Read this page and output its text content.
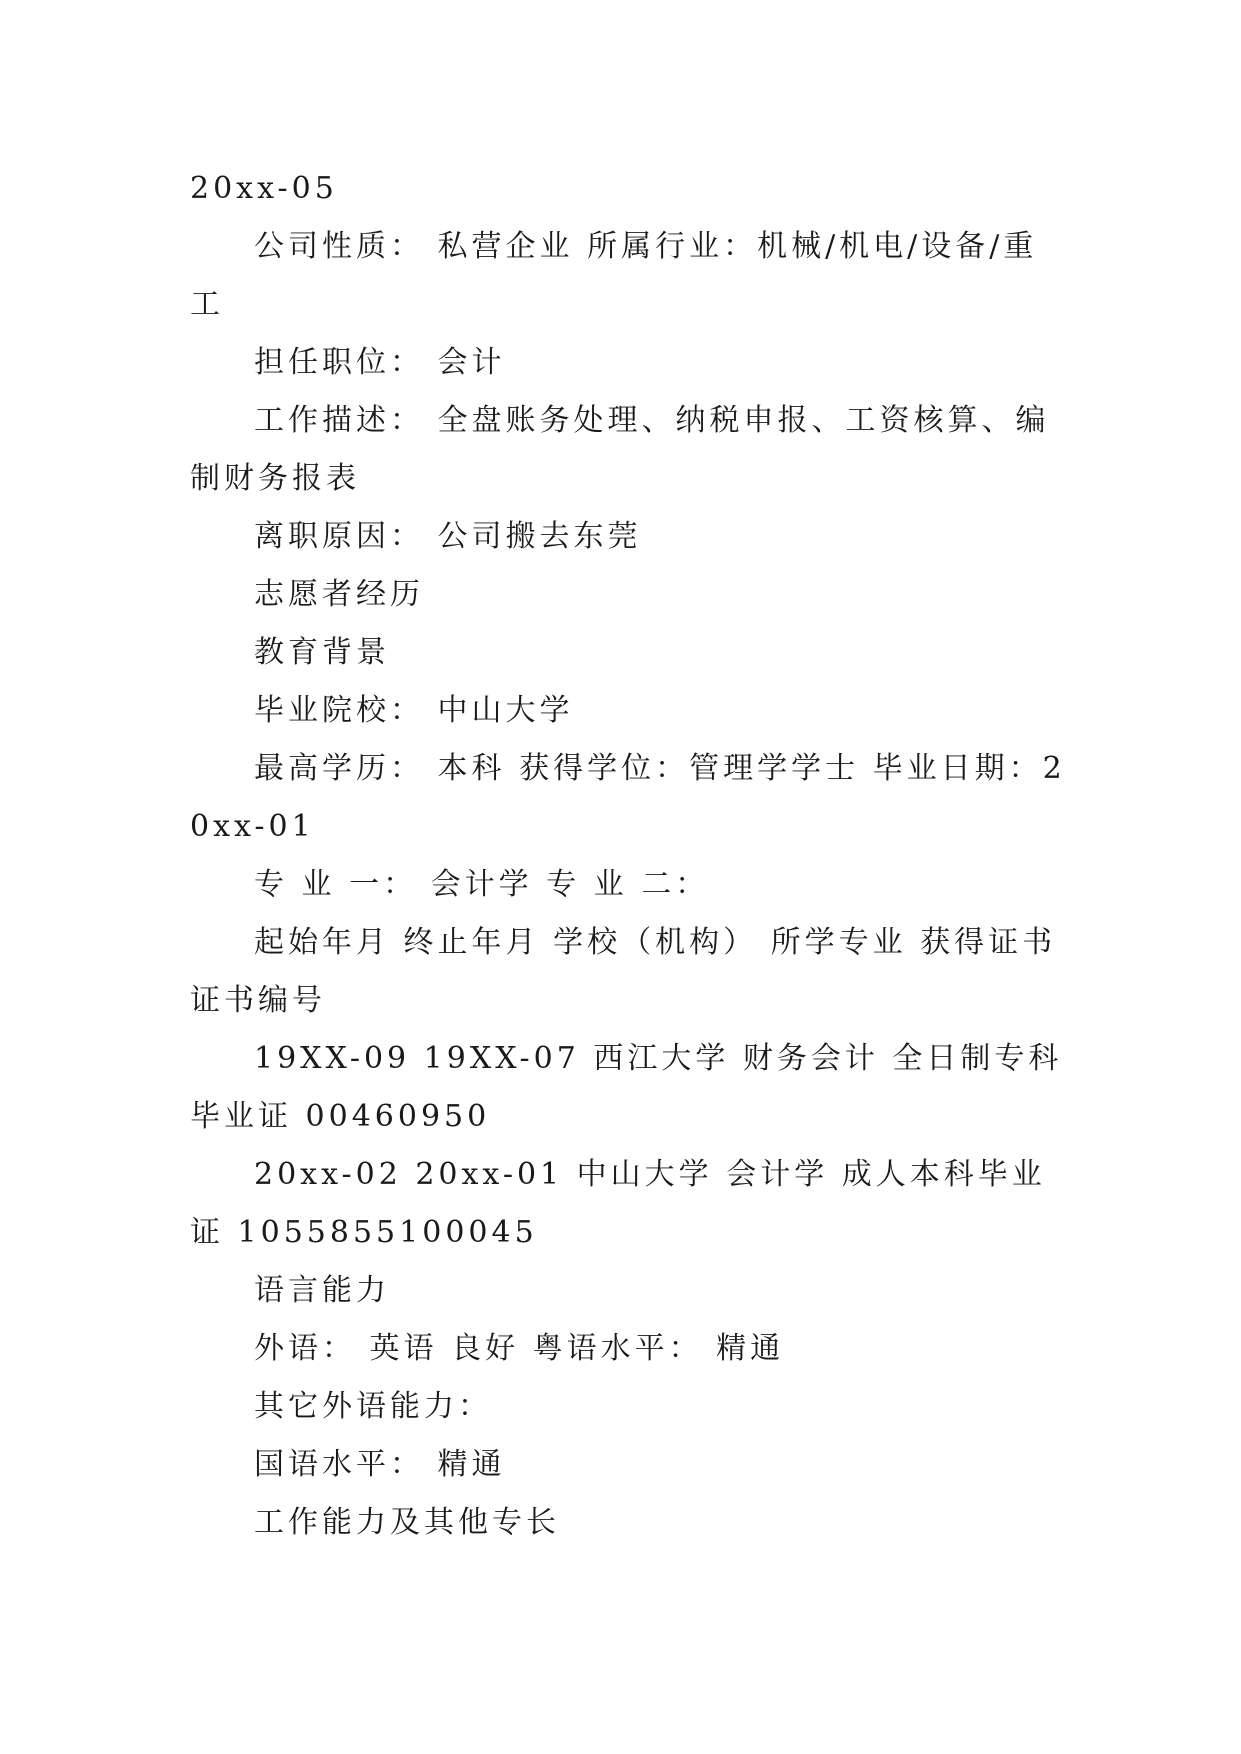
20xx-05

公司性质： 私营企业 所属行业：机械/机电/设备/重工

担任职位： 会计

工作描述： 全盘账务处理、纳税申报、工资核算、编制财务报表

离职原因： 公司搬去东莞

志愿者经历

教育背景

毕业院校： 中山大学

最高学历： 本科 获得学位：管理学学士 毕业日期：20xx-01

专 业 一： 会计学 专 业 二：

起始年月 终止年月 学校（机构） 所学专业 获得证书 证书编号

19XX-09 19XX-07 西江大学 财务会计 全日制专科毕业证 00460950

20xx-02 20xx-01 中山大学 会计学 成人本科毕业证 1055855100045

语言能力

外语： 英语 良好 粤语水平： 精通

其它外语能力：

国语水平： 精通

工作能力及其他专长
